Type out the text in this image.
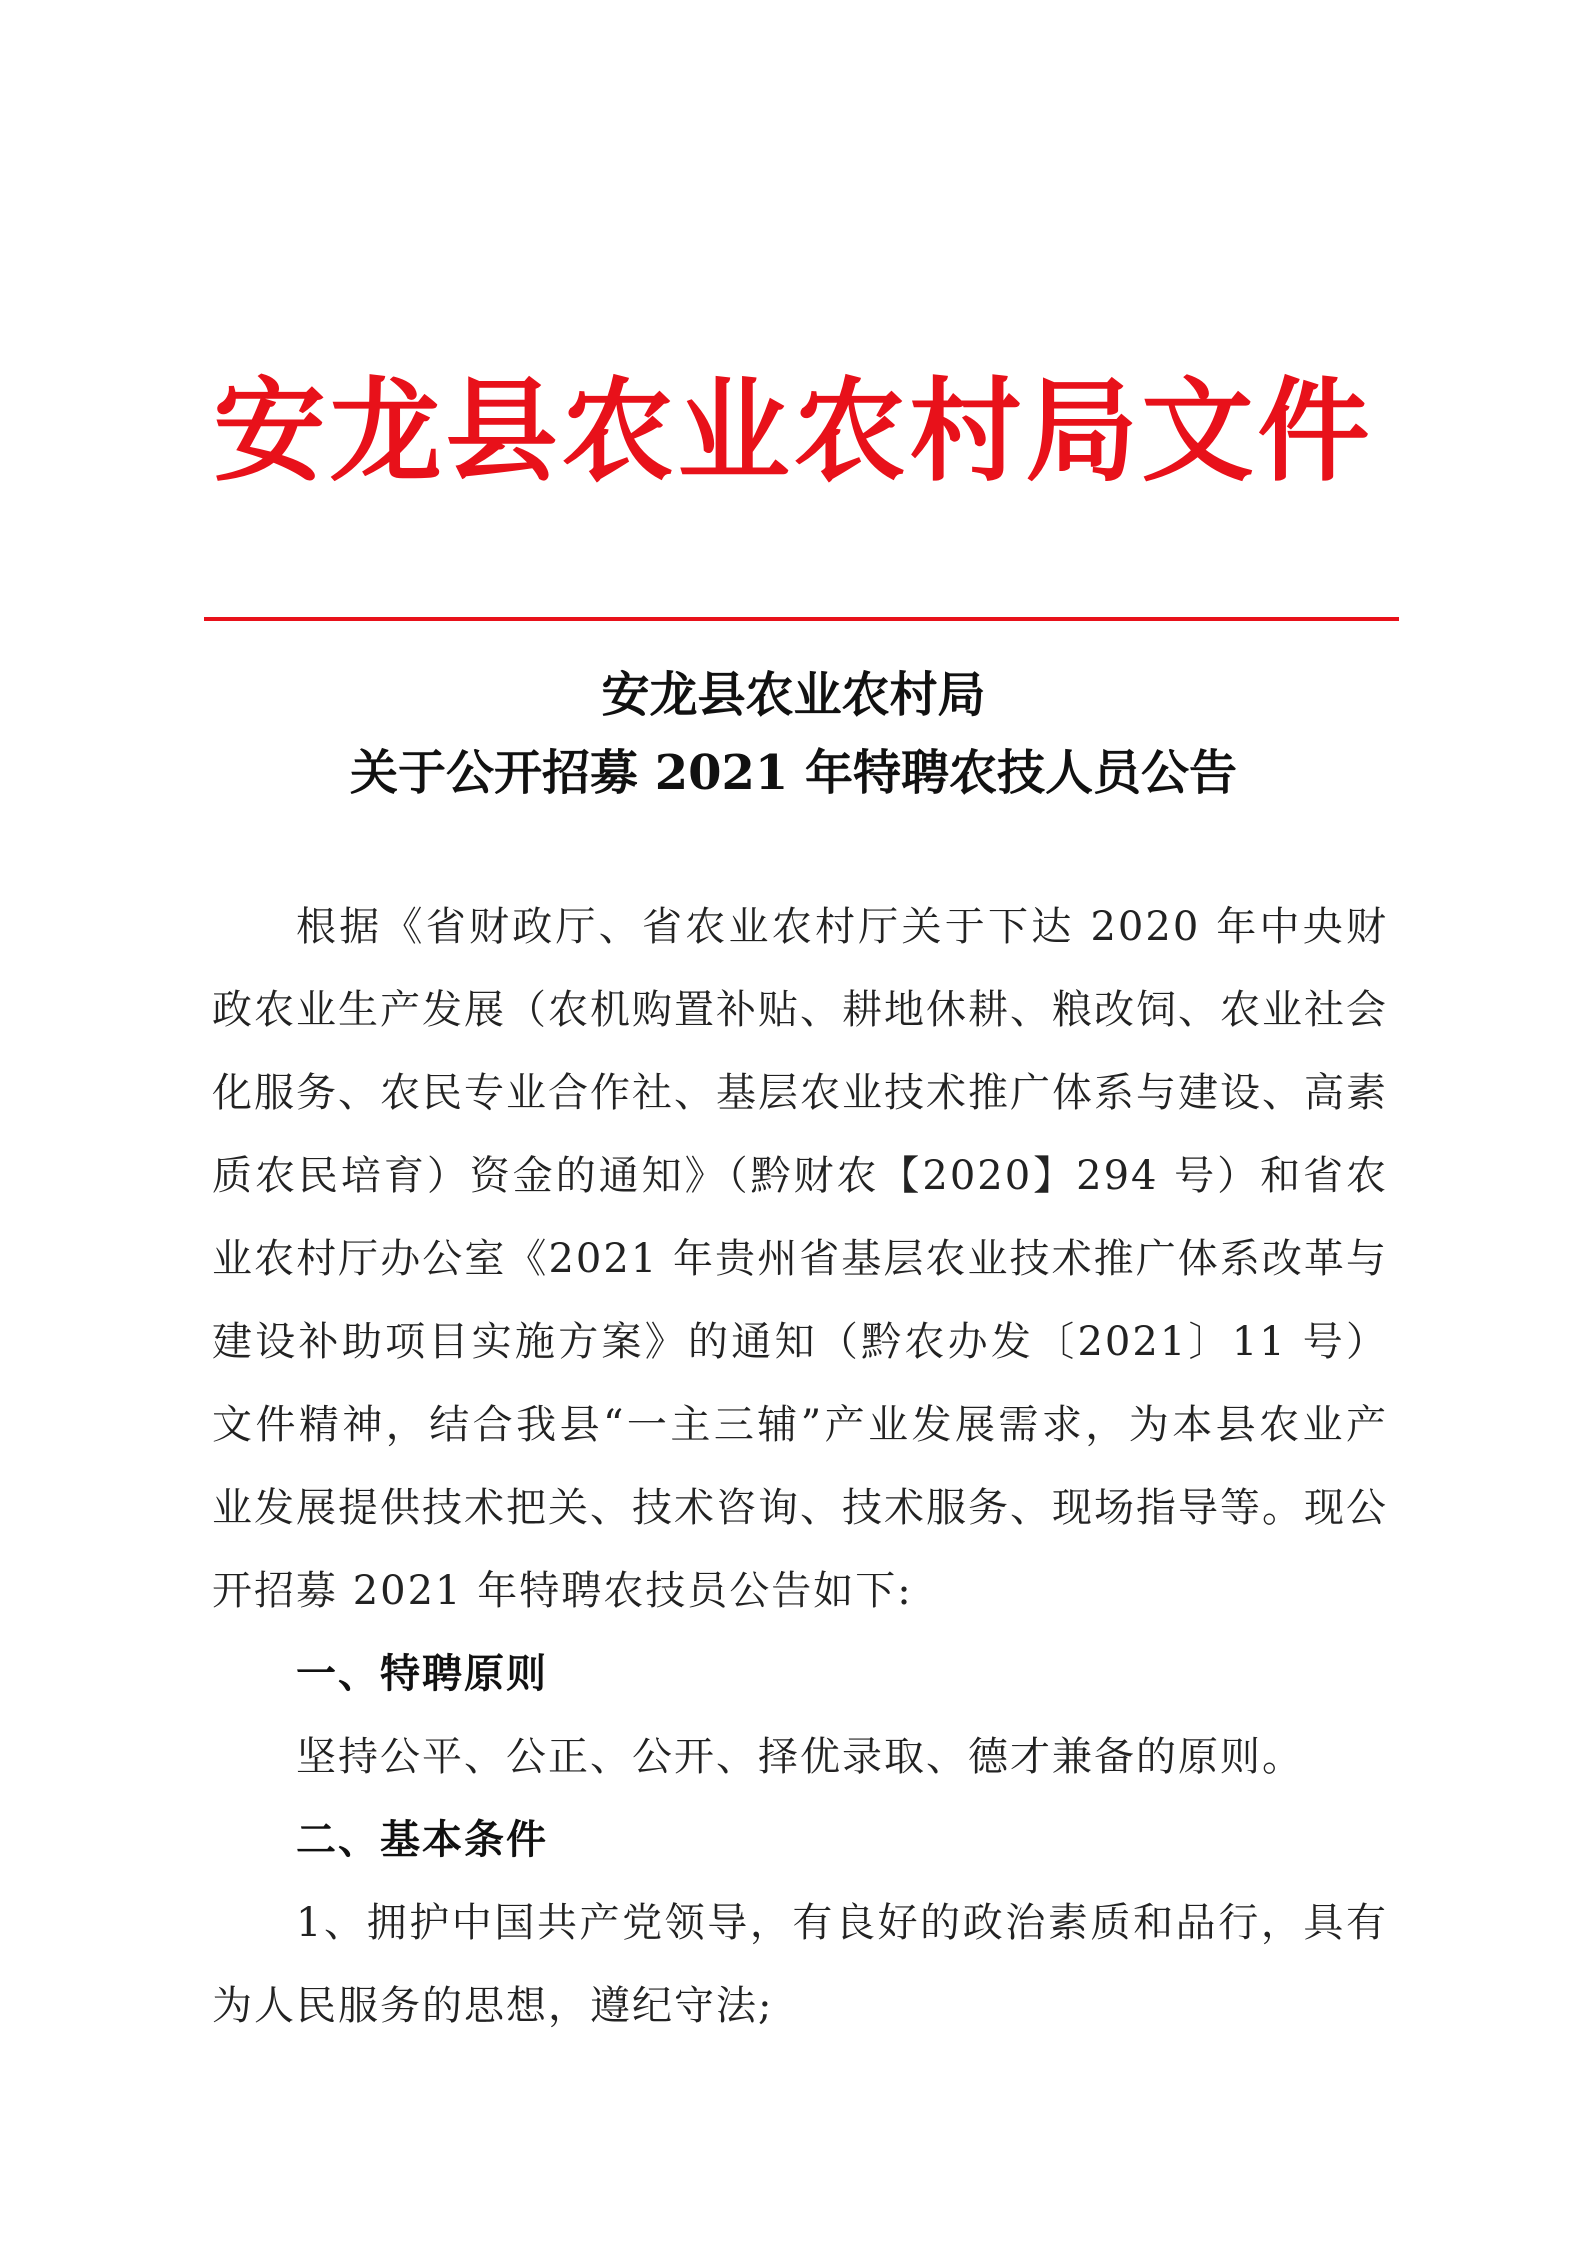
安龙县农业农村局文件
安龙县农业农村局
关于公开招募 2021 年特聘农技人员公告

根据《省财政厅、省农业农村厅关于下达 2020 年中央财政农业生产发展（农机购置补贴、耕地休耕、粮改饲、农业社会化服务、农民专业合作社、基层农业技术推广体系与建设、高素质农民培育）资金的通知》（黔财农【2020】294 号）和省农业农村厅办公室《2021 年贵州省基层农业技术推广体系改革与建设补助项目实施方案》的通知（黔农办发〔2021〕11 号）文件精神，结合我县“一主三辅”产业发展需求，为本县农业产业发展提供技术把关、技术咨询、技术服务、现场指导等。现公开招募 2021 年特聘农技员公告如下:

一、特聘原则

坚持公平、公正、公开、择优录取、德才兼备的原则。

二、基本条件

1、拥护中国共产党领导，有良好的政治素质和品行，具有为人民服务的思想，遵纪守法;
